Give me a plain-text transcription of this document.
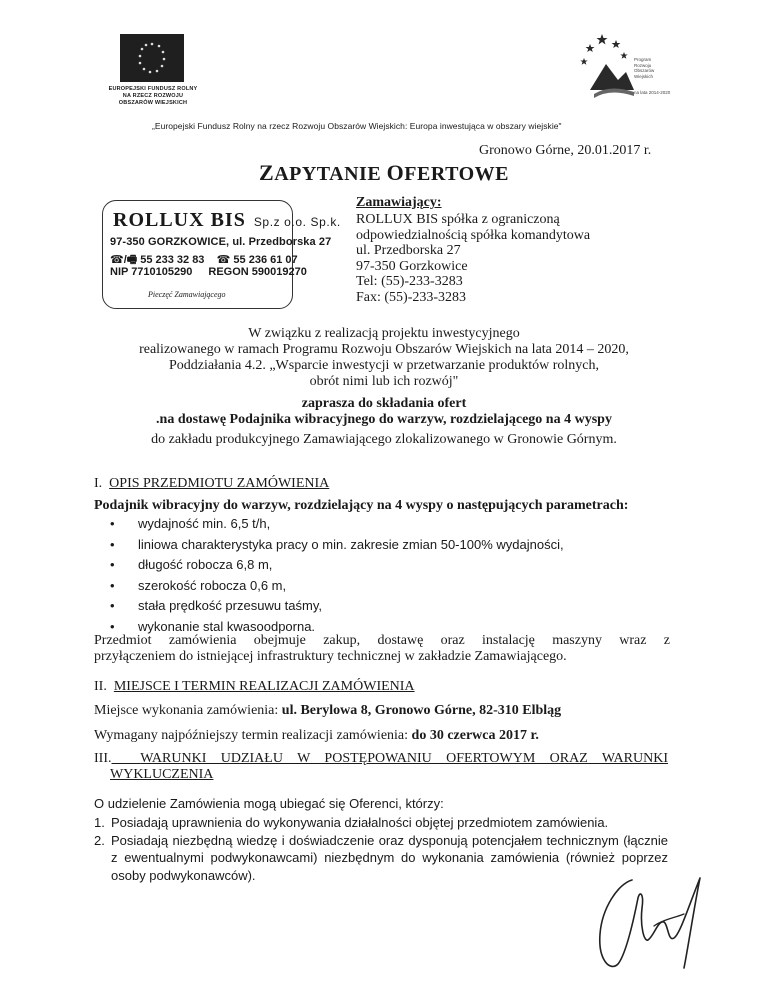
EUROPEJSKI FUNDUSZ ROLNY
NA RZECZ ROZWOJU
OBSZARÓW WIEJSKICH
Program
Rozwoju
Obszarów
Wiejskich
na lata 2014-2020
„Europejski Fundusz Rolny na rzecz Rozwoju Obszarów Wiejskich: Europa inwestująca w obszary wiejskie"
Gronowo Górne, 20.01.2017 r.
ZAPYTANIE OFERTOWE
ROLLUX BIS Sp.z o.o. Sp.k.
97-350 GORZKOWICE, ul. Przedborska 27
☎/🖷 55 233 32 83 ☎ 55 236 61 07
NIP 7710105290 REGON 590019270
Pieczęć Zamawiającego
Zamawiający:
ROLLUX BIS spółka z ograniczoną
odpowiedzialnością spółka komandytowa
ul. Przedborska 27
97-350 Gorzkowice
Tel: (55)-233-3283
Fax: (55)-233-3283
W związku z realizacją projektu inwestycyjnego
realizowanego w ramach Programu Rozwoju Obszarów Wiejskich na lata 2014 – 2020,
Poddziałania 4.2. „Wsparcie inwestycji w przetwarzanie produktów rolnych,
obrót nimi lub ich rozwój"
zaprasza do składania ofert
.na dostawę Podajnika wibracyjnego do warzyw, rozdzielającego na 4 wyspy
do zakładu produkcyjnego Zamawiającego zlokalizowanego w Gronowie Górnym.
I. OPIS PRZEDMIOTU ZAMÓWIENIA
Podajnik wibracyjny do warzyw, rozdzielający na 4 wyspy o następujących parametrach:
• wydajność min. 6,5 t/h,
• liniowa charakterystyka pracy o min. zakresie zmian 50-100% wydajności,
• długość robocza 6,8 m,
• szerokość robocza 0,6 m,
• stała prędkość przesuwu taśmy,
• wykonanie stal kwasoodporna.
Przedmiot zamówienia obejmuje zakup, dostawę oraz instalację maszyny wraz z
przyłączeniem do istniejącej infrastruktury technicznej w zakładzie Zamawiającego.
II. MIEJSCE I TERMIN REALIZACJI ZAMÓWIENIA
Miejsce wykonania zamówienia: ul. Berylowa 8, Gronowo Górne, 82-310 Elbląg
Wymagany najpóźniejszy termin realizacji zamówienia: do 30 czerwca 2017 r.
III. WARUNKI UDZIAŁU W POSTĘPOWANIU OFERTOWYM ORAZ WARUNKI
WYKLUCZENIA
O udzielenie Zamówienia mogą ubiegać się Oferenci, którzy:
1. Posiadają uprawnienia do wykonywania działalności objętej przedmiotem zamówienia.
2. Posiadają niezbędną wiedzę i doświadczenie oraz dysponują potencjałem technicznym (łącznie z ewentualnymi podwykonawcami) niezbędnym do wykonania zamówienia (również poprzez osoby podwykonawców).
